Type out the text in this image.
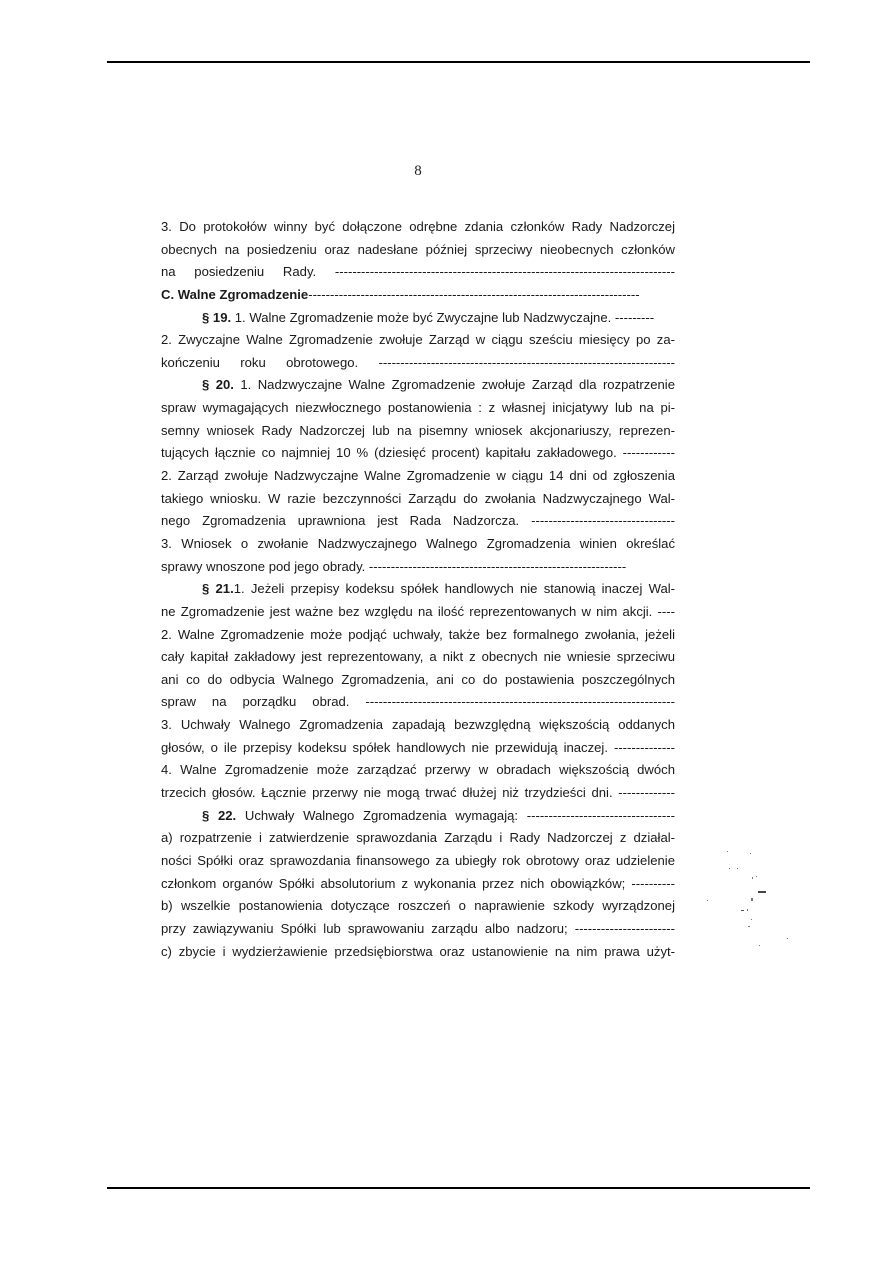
8
3. Do protokołów winny być dołączone odrębne zdania członków Rady Nadzorczej
obecnych na posiedzeniu oraz nadesłane później sprzeciwy nieobecnych członków
na posiedzeniu Rady. ------------------------------------------------------------------------------
C. Walne Zgromadzenie----------------------------------------------------------------------------
§ 19. 1. Walne Zgromadzenie może być Zwyczajne lub Nadzwyczajne. ---------
2. Zwyczajne Walne Zgromadzenie zwołuje Zarząd w ciągu sześciu miesięcy po za-
kończeniu roku obrotowego. --------------------------------------------------------------------
§ 20. 1. Nadzwyczajne Walne Zgromadzenie zwołuje Zarząd dla rozpatrzenie
spraw wymagających niezwłocznego postanowienia : z własnej inicjatywy lub na pi-
semny wniosek Rady Nadzorczej lub na pisemny wniosek akcjonariuszy, reprezen-
tujących łącznie co najmniej 10 % (dziesięć procent) kapitału zakładowego. ------------
2. Zarząd zwołuje Nadzwyczajne Walne Zgromadzenie w ciągu 14 dni od zgłoszenia
takiego wniosku. W razie bezczynności Zarządu do zwołania Nadzwyczajnego Wal-
nego Zgromadzenia uprawniona jest Rada Nadzorcza. ---------------------------------
3. Wniosek o zwołanie Nadzwyczajnego Walnego Zgromadzenia winien określać
sprawy wnoszone pod jego obrady. -----------------------------------------------------------
§ 21.1. Jeżeli przepisy kodeksu spółek handlowych nie stanowią inaczej Wal-
ne Zgromadzenie jest ważne bez względu na ilość reprezentowanych w nim akcji. ----
2. Walne Zgromadzenie może podjąć uchwały, także bez formalnego zwołania, jeżeli
cały kapitał zakładowy jest reprezentowany, a nikt z obecnych nie wniesie sprzeciwu
ani co do odbycia Walnego Zgromadzenia, ani co do postawienia poszczególnych
spraw na porządku obrad. -----------------------------------------------------------------------
3. Uchwały Walnego Zgromadzenia zapadają bezwzględną większością oddanych
głosów, o ile przepisy kodeksu spółek handlowych nie przewidują inaczej. --------------
4. Walne Zgromadzenie może zarządzać przerwy w obradach większością dwóch
trzecich głosów. Łącznie przerwy nie mogą trwać dłużej niż trzydzieści dni. -------------
§ 22. Uchwały Walnego Zgromadzenia wymagają: ----------------------------------
a) rozpatrzenie i zatwierdzenie sprawozdania Zarządu i Rady Nadzorczej z działal-
ności Spółki oraz sprawozdania finansowego za ubiegły rok obrotowy oraz udzielenie
członkom organów Spółki absolutorium z wykonania przez nich obowiązków; ----------
b) wszelkie postanowienia dotyczące roszczeń o naprawienie szkody wyrządzonej
przy zawiązywaniu Spółki lub sprawowaniu zarządu albo nadzoru; -----------------------
c) zbycie i wydzierżawienie przedsiębiorstwa oraz ustanowienie na nim prawa użyt-
